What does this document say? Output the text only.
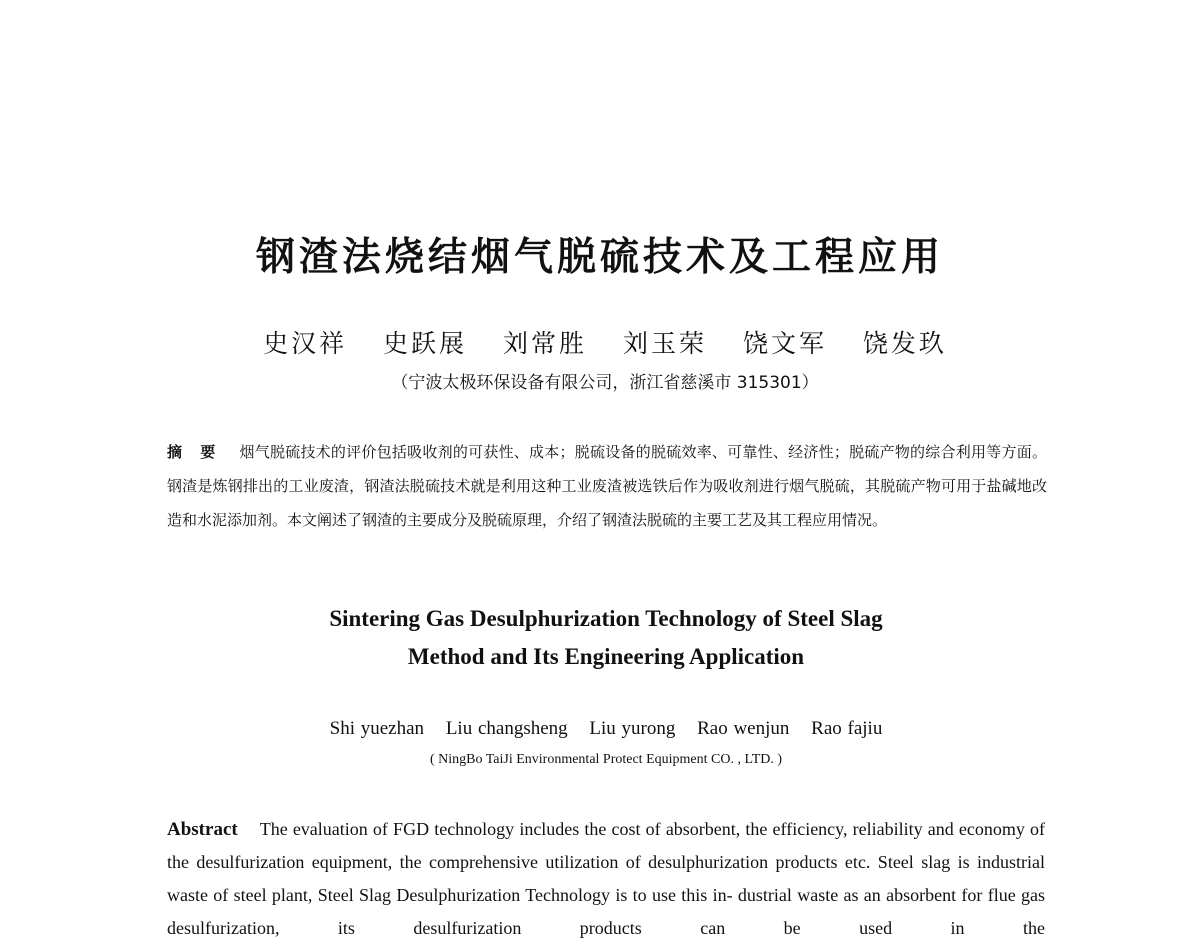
钢渣法烧结烟气脱硫技术及工程应用
史汉祥 史跃展 刘常胜 刘玉荣 饶文军 饶发玖
（宁波太极环保设备有限公司，浙江省慈溪市 315301）
摘要 烟气脱硫技术的评价包括吸收剂的可获性、成本；脱硫设备的脱硫效率、可靠性、经济性；脱硫产物的综合利用等方面。钢渣是炼钢排出的工业废渣，钢渣法脱硫技术就是利用这种工业废渣被选铁后作为吸收剂进行烟气脱硫，其脱硫产物可用于盐碱地改造和水泥添加剂。本文阐述了钢渣的主要成分及脱硫原理，介绍了钢渣法脱硫的主要工艺及其工程应用情况。
Sintering Gas Desulphurization Technology of Steel Slag
Method and Its Engineering Application
Shi yuezhan Liu changsheng Liu yurong Rao wenjun Rao fajiu
( NingBo TaiJi Environmental Protect Equipment CO. , LTD. )
Abstract The evaluation of FGD technology includes the cost of absorbent, the efficiency, reliability and economy of the desulfurization equipment, the comprehensive utilization of desulphurization products etc. Steel slag is industrial waste of steel plant, Steel Slag Desulphurization Technology is to use this in- dustrial waste as an absorbent for flue gas desulfurization, its desulfurization products can be used in the
